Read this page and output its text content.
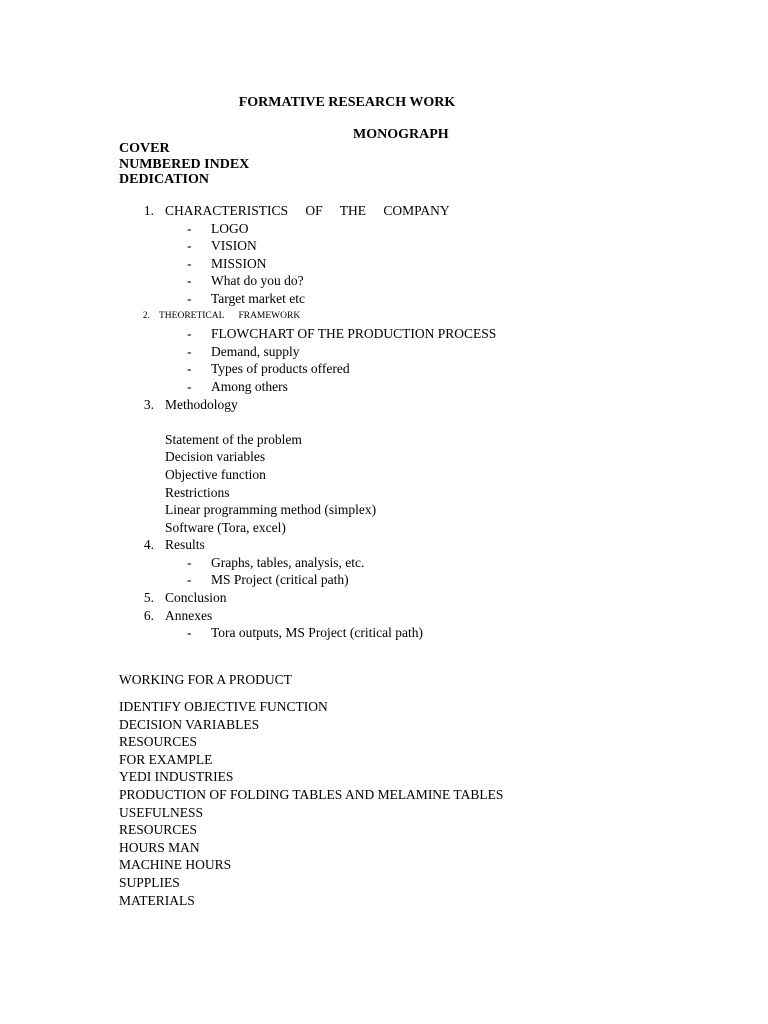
FORMATIVE RESEARCH WORK
MONOGRAPH
COVER
NUMBERED INDEX
DEDICATION
1. CHARACTERISTICS OF THE COMPANY
- LOGO
- VISION
- MISSION
- What do you do?
- Target market etc
2. THEORETICAL FRAMEWORK
- FLOWCHART OF THE PRODUCTION PROCESS
- Demand, supply
- Types of products offered
- Among others
3. Methodology
Statement of the problem
Decision variables
Objective function
Restrictions
Linear programming method (simplex)
Software (Tora, excel)
4. Results
- Graphs, tables, analysis, etc.
- MS Project (critical path)
5. Conclusion
6. Annexes
- Tora outputs, MS Project (critical path)
WORKING FOR A PRODUCT
IDENTIFY OBJECTIVE FUNCTION
DECISION VARIABLES
RESOURCES
FOR EXAMPLE
YEDI INDUSTRIES
PRODUCTION OF FOLDING TABLES AND MELAMINE TABLES
USEFULNESS
RESOURCES
HOURS MAN
MACHINE HOURS
SUPPLIES
MATERIALS
